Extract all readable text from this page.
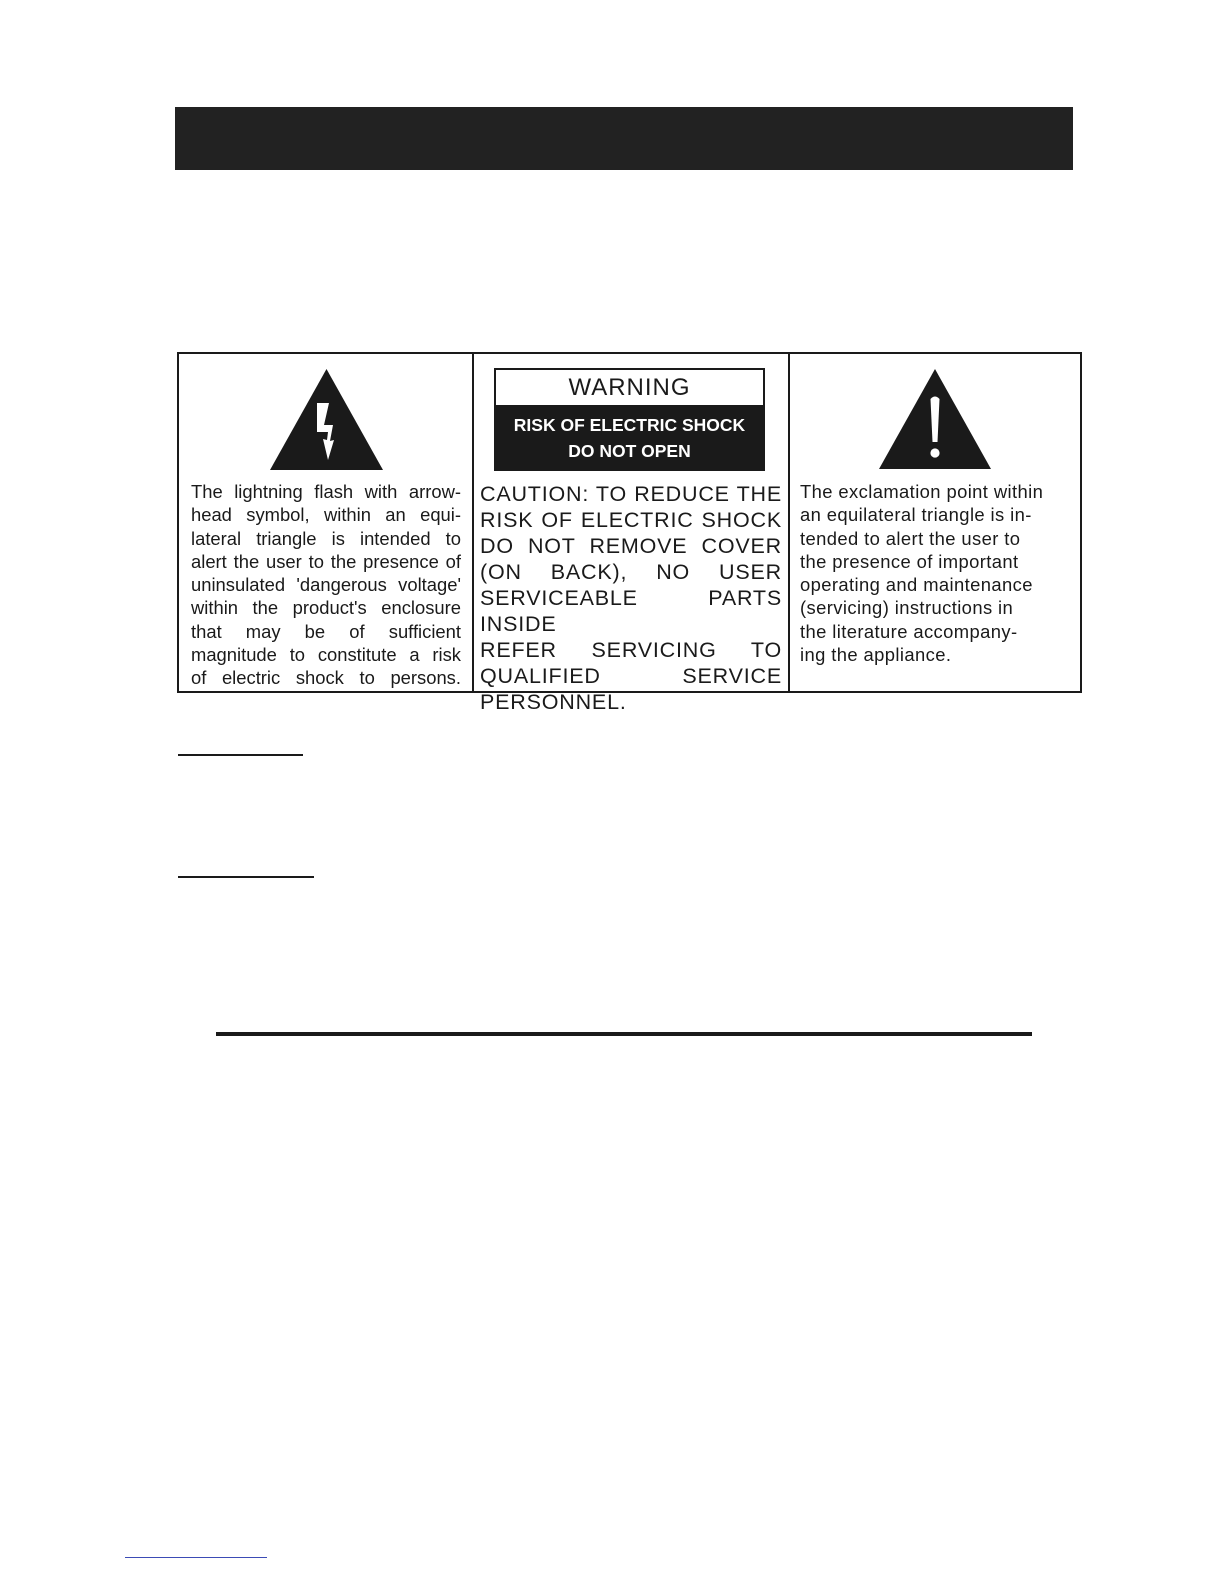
The lightning flash with arrow-
head symbol, within an equi-
lateral triangle is intended to
alert the user to the presence of
uninsulated 'dangerous voltage'
within the product's enclosure
that may be of sufficient
magnitude to constitute a risk
of electric shock to persons.
WARNING
RISK OF ELECTRIC SHOCK
DO NOT OPEN
CAUTION: TO REDUCE THE
RISK OF ELECTRIC SHOCK
DO NOT REMOVE COVER
(ON BACK), NO USER
SERVICEABLE PARTS INSIDE
REFER SERVICING TO
QUALIFIED SERVICE
PERSONNEL.
The exclamation point within
an equilateral triangle is in-
tended to alert the user to
the presence of important
operating and maintenance
(servicing) instructions in
the literature accompany-
ing the appliance.
